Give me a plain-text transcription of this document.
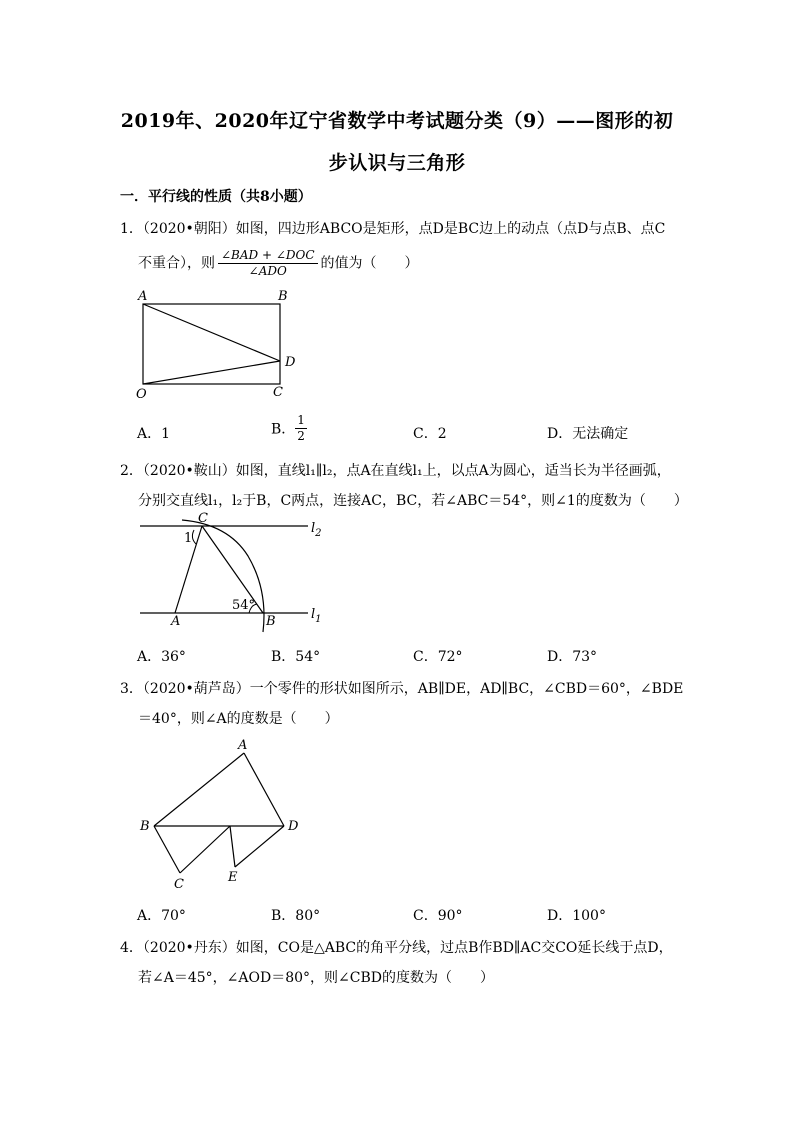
2019年、2020年辽宁省数学中考试题分类（9）——图形的初
步认识与三角形
一．平行线的性质（共8小题）
1．（2020•朝阳）如图，四边形ABCO是矩形，点D是BC边上的动点（点D与点B、点C
不重合），则 $\frac{\text{∠BAD + ∠DOC}}{\text{∠ADO}}$ 的值为（　　）
A	B
D
O	C
A．1	B． $\frac{1}{2}$	C．2	D．无法确定
2．（2020•鞍山）如图，直线l₁∥l₂，点A在直线l₁上，以点A为圆心，适当长为半径画弧，
分别交直线l₁，l₂于B，C两点，连接AC，BC，若∠ABC＝54°，则∠1的度数为（　　）
C
1
$l_2$
54°
A	B	$l_1$
A．36°	B．54°	C．72°	D．73°
3．（2020•葫芦岛）一个零件的形状如图所示，AB∥DE，AD∥BC，∠CBD＝60°，∠BDE
＝40°，则∠A的度数是（　　）
A
B	D
C	E
A．70°	B．80°	C．90°	D．100°
4．（2020•丹东）如图，CO是△ABC的角平分线，过点B作BD∥AC交CO延长线于点D，
若∠A＝45°，∠AOD＝80°，则∠CBD的度数为（　　）
